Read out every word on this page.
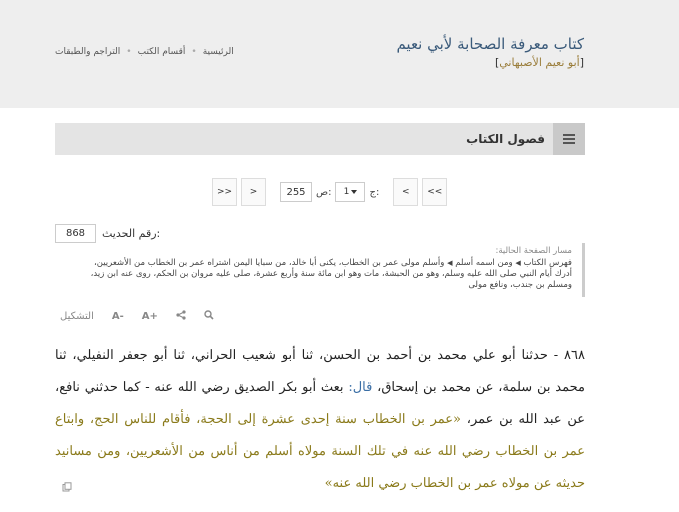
كتاب معرفة الصحابة لأبي نعيم
[أبو نعيم الأصبهاني]
الرئيسية
•
أقسام الكتب
•
التراجم والطبقات
فصول الكتاب
>>	>	255	ص: 1 ج:	<	<<
868	رقم الحديث:
مسار الصفحة الحالية:
فهرس الكتاب ◀ ومن اسمه أسلم ◀ وأسلم مولى عمر بن الخطاب، يكنى أبا خالد، من سبايا اليمن اشتراه عمر بن الخطاب من الأشعريين، أدرك أيام النبي صلى الله عليه وسلم، وهو من الحبشة، مات وهو ابن مائة سنة وأربع عشرة، صلى عليه مروان بن الحكم، روى عنه ابن زيد، ومسلم بن جندب، ونافع مولى
التشكيل A- A+
٨٦٨ - حدثنا أبو علي محمد بن أحمد بن الحسن، ثنا أبو شعيب الحراني، ثنا أبو جعفر النفيلي، ثنا محمد بن سلمة، عن محمد بن إسحاق، قال: بعث أبو بكر الصديق رضي الله عنه - كما حدثني نافع، عن عبد الله بن عمر، «عمر بن الخطاب سنة إحدى عشرة إلى الحجة، فأقام للناس الحج، وابتاع عمر بن الخطاب رضي الله عنه في تلك السنة مولاه أسلم من أناس من الأشعريين، ومن مسانيد حديثه عن مولاه عمر بن الخطاب رضي الله عنه»
